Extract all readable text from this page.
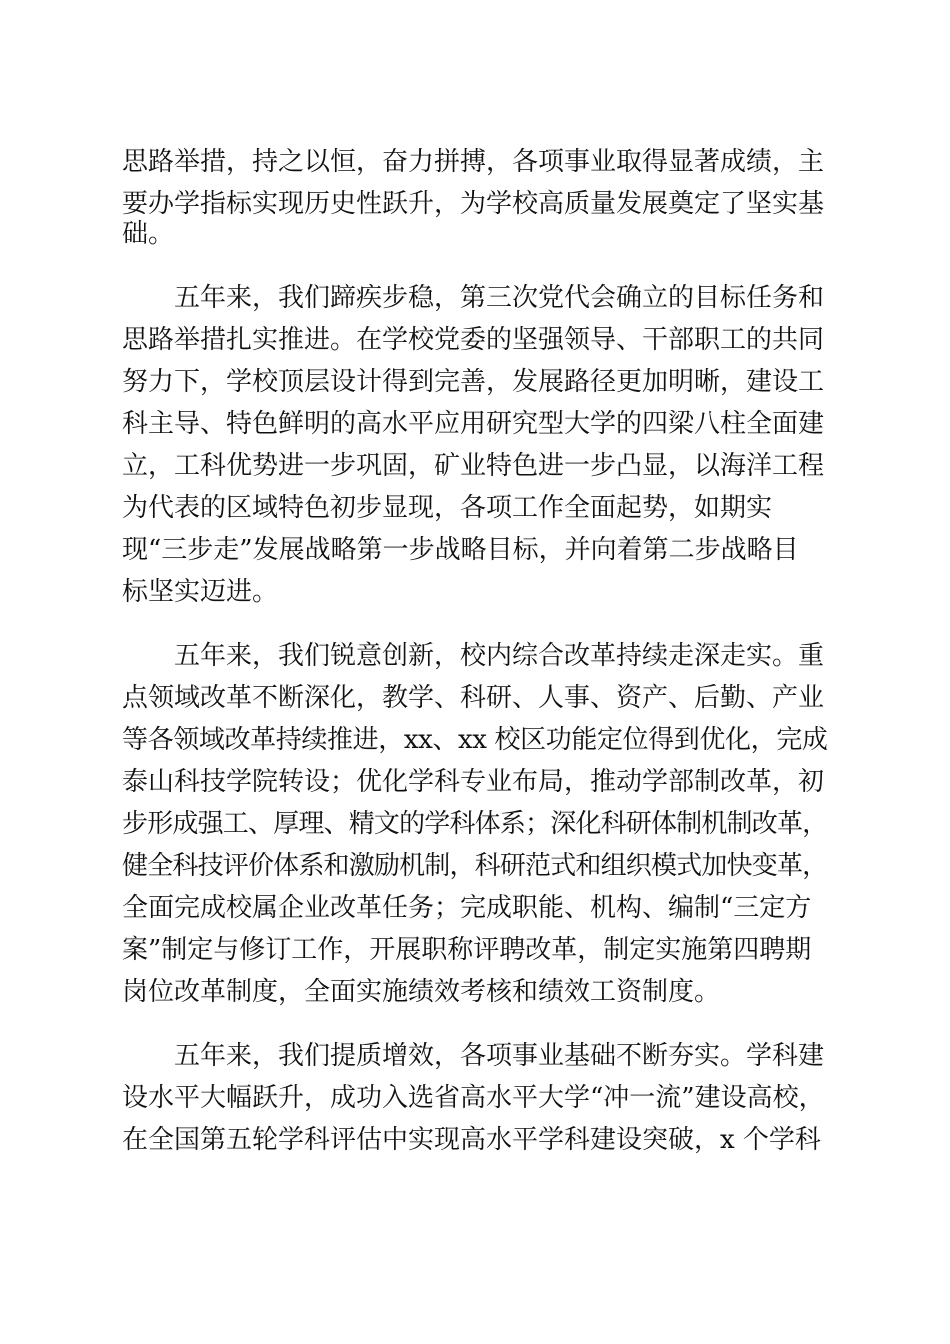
思路举措，持之以恒，奋力拼搏，各项事业取得显著成绩，主
要办学指标实现历史性跃升，为学校高质量发展奠定了坚实基
础。
五年来，我们蹄疾步稳，第三次党代会确立的目标任务和
思路举措扎实推进。在学校党委的坚强领导、干部职工的共同
努力下，学校顶层设计得到完善，发展路径更加明晰，建设工
科主导、特色鲜明的高水平应用研究型大学的四梁八柱全面建
立，工科优势进一步巩固，矿业特色进一步凸显，以海洋工程
为代表的区域特色初步显现，各项工作全面起势，如期实
现“三步走”发展战略第一步战略目标，并向着第二步战略目
标坚实迈进。
五年来，我们锐意创新，校内综合改革持续走深走实。重
点领域改革不断深化，教学、科研、人事、资产、后勤、产业
等各领域改革持续推进，xx、xx 校区功能定位得到优化，完成
泰山科技学院转设；优化学科专业布局，推动学部制改革，初
步形成强工、厚理、精文的学科体系；深化科研体制机制改革，
健全科技评价体系和激励机制，科研范式和组织模式加快变革，
全面完成校属企业改革任务；完成职能、机构、编制“三定方
案”制定与修订工作，开展职称评聘改革，制定实施第四聘期
岗位改革制度，全面实施绩效考核和绩效工资制度。
五年来，我们提质增效，各项事业基础不断夯实。学科建
设水平大幅跃升，成功入选省高水平大学“冲一流”建设高校，
在全国第五轮学科评估中实现高水平学科建设突破，x 个学科
